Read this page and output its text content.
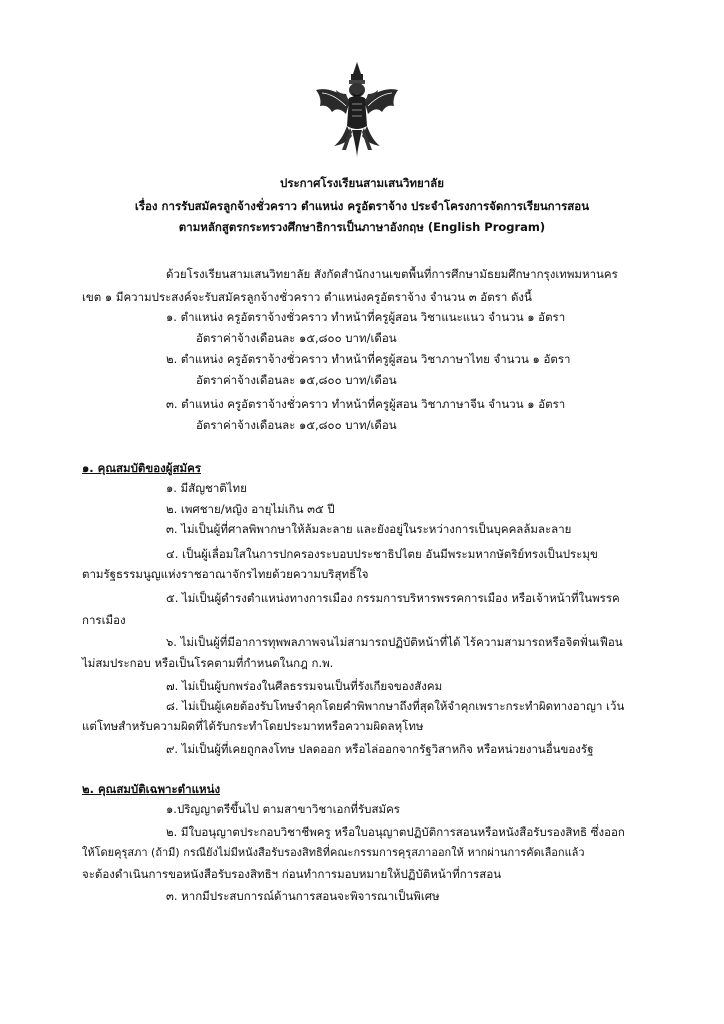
ประกาศโรงเรียนสามเสนวิทยาลัย
เรื่อง การรับสมัครลูกจ้างชั่วคราว ตำแหน่ง ครูอัตราจ้าง ประจำโครงการจัดการเรียนการสอน
ตามหลักสูตรกระทรวงศึกษาธิการเป็นภาษาอังกฤษ (English Program)
ด้วยโรงเรียนสามเสนวิทยาลัย สังกัดสำนักงานเขตพื้นที่การศึกษามัธยมศึกษากรุงเทพมหานคร
เขต ๑ มีความประสงค์จะรับสมัครลูกจ้างชั่วคราว ตำแหน่งครูอัตราจ้าง จำนวน ๓ อัตรา ดังนี้
๑. ตำแหน่ง ครูอัตราจ้างชั่วคราว ทำหน้าที่ครูผู้สอน วิชาแนะแนว จำนวน ๑ อัตรา
อัตราค่าจ้างเดือนละ ๑๕,๘๐๐ บาท/เดือน
๒. ตำแหน่ง ครูอัตราจ้างชั่วคราว ทำหน้าที่ครูผู้สอน วิชาภาษาไทย จำนวน ๑ อัตรา
อัตราค่าจ้างเดือนละ ๑๕,๘๐๐ บาท/เดือน
๓. ตำแหน่ง ครูอัตราจ้างชั่วคราว ทำหน้าที่ครูผู้สอน วิชาภาษาจีน จำนวน ๑ อัตรา
อัตราค่าจ้างเดือนละ ๑๕,๘๐๐ บาท/เดือน
๑. คุณสมบัติของผู้สมัคร
๑. มีสัญชาติไทย
๒. เพศชาย/หญิง อายุไม่เกิน ๓๕ ปี
๓. ไม่เป็นผู้ที่ศาลพิพากษาให้ล้มละลาย และยังอยู่ในระหว่างการเป็นบุคคลล้มละลาย
๔. เป็นผู้เลื่อมใสในการปกครองระบอบประชาธิปไตย อันมีพระมหากษัตริย์ทรงเป็นประมุข
ตามรัฐธรรมนูญแห่งราชอาณาจักรไทยด้วยความบริสุทธิ์ใจ
๕. ไม่เป็นผู้ดำรงตำแหน่งทางการเมือง กรรมการบริหารพรรคการเมือง หรือเจ้าหน้าที่ในพรรค
การเมือง
๖. ไม่เป็นผู้ที่มีอาการทุพพลภาพจนไม่สามารถปฏิบัติหน้าที่ได้ ไร้ความสามารถหรือจิตฟั่นเฟือน
ไม่สมประกอบ หรือเป็นโรคตามที่กำหนดในกฎ ก.พ.
๗. ไม่เป็นผู้บกพร่องในศีลธรรมจนเป็นที่รังเกียจของสังคม
๘. ไม่เป็นผู้เคยต้องรับโทษจำคุกโดยคำพิพากษาถึงที่สุดให้จำคุกเพราะกระทำผิดทางอาญา เว้น
แต่โทษสำหรับความผิดที่ได้รับกระทำโดยประมาทหรือความผิดลหุโทษ
๙. ไม่เป็นผู้ที่เคยถูกลงโทษ ปลดออก หรือไล่ออกจากรัฐวิสาหกิจ หรือหน่วยงานอื่นของรัฐ
๒. คุณสมบัติเฉพาะตำแหน่ง
๑.ปริญญาตรีขึ้นไป ตามสาขาวิชาเอกที่รับสมัคร
๒. มีใบอนุญาตประกอบวิชาชีพครู หรือใบอนุญาตปฏิบัติการสอนหรือหนังสือรับรองสิทธิ ซึ่งออก
ให้โดยคุรุสภา (ถ้ามี) กรณียังไม่มีหนังสือรับรองสิทธิที่คณะกรรมการคุรุสภาออกให้ หากผ่านการคัดเลือกแล้ว
จะต้องดำเนินการขอหนังสือรับรองสิทธิฯ ก่อนทำการมอบหมายให้ปฏิบัติหน้าที่การสอน
๓. หากมีประสบการณ์ด้านการสอนจะพิจารณาเป็นพิเศษ
